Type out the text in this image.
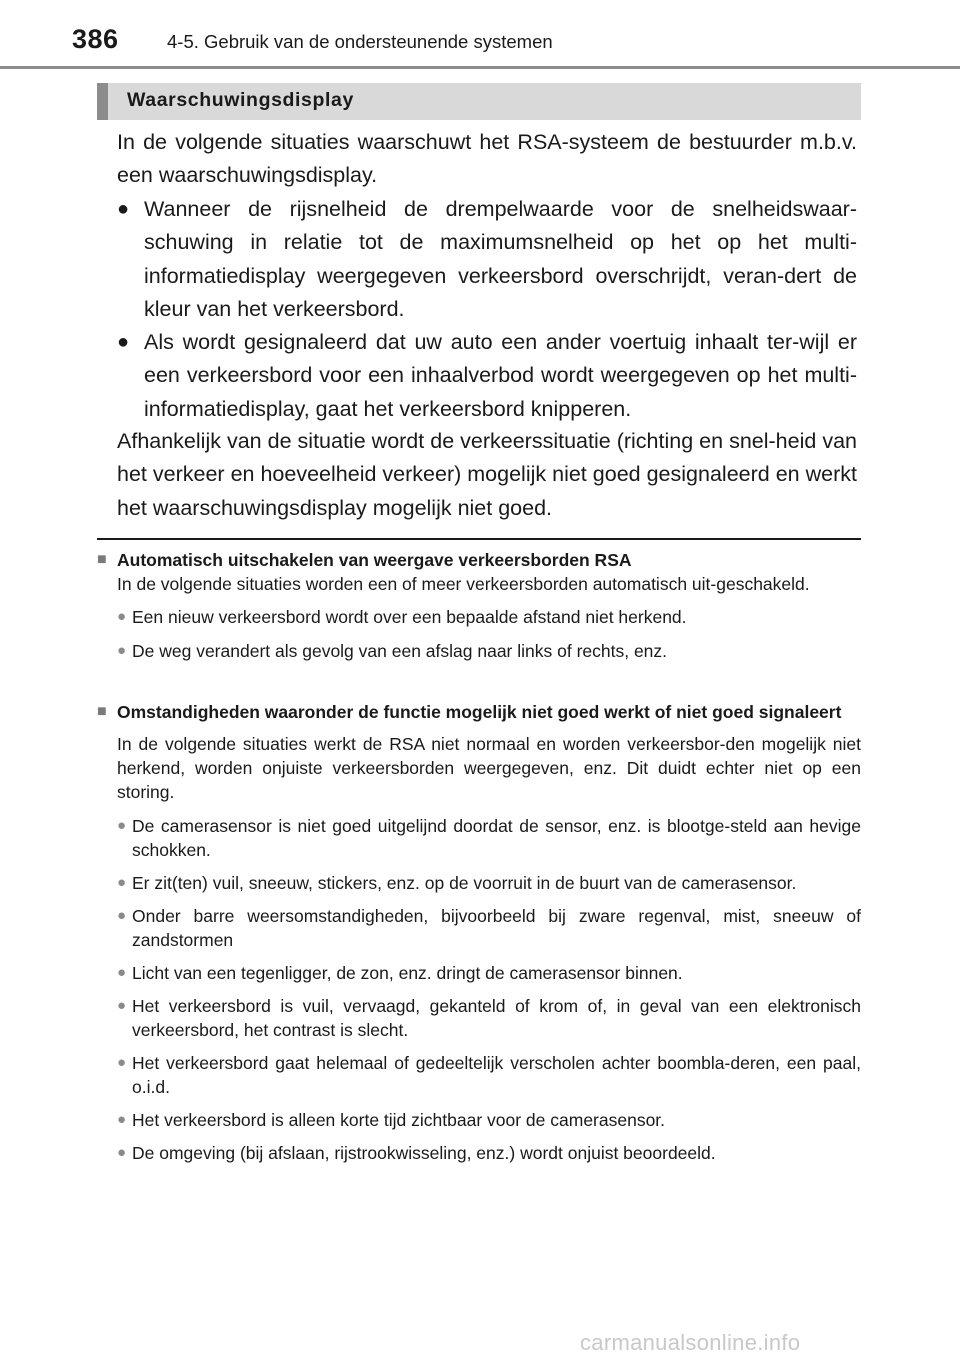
386	4-5. Gebruik van de ondersteunende systemen
Waarschuwingsdisplay
In de volgende situaties waarschuwt het RSA-systeem de bestuurder m.b.v. een waarschuwingsdisplay.
● Wanneer de rijsnelheid de drempelwaarde voor de snelheidswaar-schuwing in relatie tot de maximumsnelheid op het op het multi-informatiedisplay weergegeven verkeersbord overschrijdt, veran-dert de kleur van het verkeersbord.
● Als wordt gesignaleerd dat uw auto een ander voertuig inhaalt ter-wijl er een verkeersbord voor een inhaalverbod wordt weergegeven op het multi-informatiedisplay, gaat het verkeersbord knipperen.
Afhankelijk van de situatie wordt de verkeerssituatie (richting en snel-heid van het verkeer en hoeveelheid verkeer) mogelijk niet goed gesignaleerd en werkt het waarschuwingsdisplay mogelijk niet goed.
■ Automatisch uitschakelen van weergave verkeersborden RSA
In de volgende situaties worden een of meer verkeersborden automatisch uit-geschakeld.
● Een nieuw verkeersbord wordt over een bepaalde afstand niet herkend.
● De weg verandert als gevolg van een afslag naar links of rechts, enz.
■ Omstandigheden waaronder de functie mogelijk niet goed werkt of niet goed signaleert
In de volgende situaties werkt de RSA niet normaal en worden verkeersbor-den mogelijk niet herkend, worden onjuiste verkeersborden weergegeven, enz. Dit duidt echter niet op een storing.
● De camerasensor is niet goed uitgelijnd doordat de sensor, enz. is blootge-steld aan hevige schokken.
● Er zit(ten) vuil, sneeuw, stickers, enz. op de voorruit in de buurt van de camerasensor.
● Onder barre weersomstandigheden, bijvoorbeeld bij zware regenval, mist, sneeuw of zandstormen
● Licht van een tegenligger, de zon, enz. dringt de camerasensor binnen.
● Het verkeersbord is vuil, vervaagd, gekanteld of krom of, in geval van een elektronisch verkeersbord, het contrast is slecht.
● Het verkeersbord gaat helemaal of gedeeltelijk verscholen achter boombla-deren, een paal, o.i.d.
● Het verkeersbord is alleen korte tijd zichtbaar voor de camerasensor.
● De omgeving (bij afslaan, rijstrookwisseling, enz.) wordt onjuist beoordeeld.
carmanualsonline.info
